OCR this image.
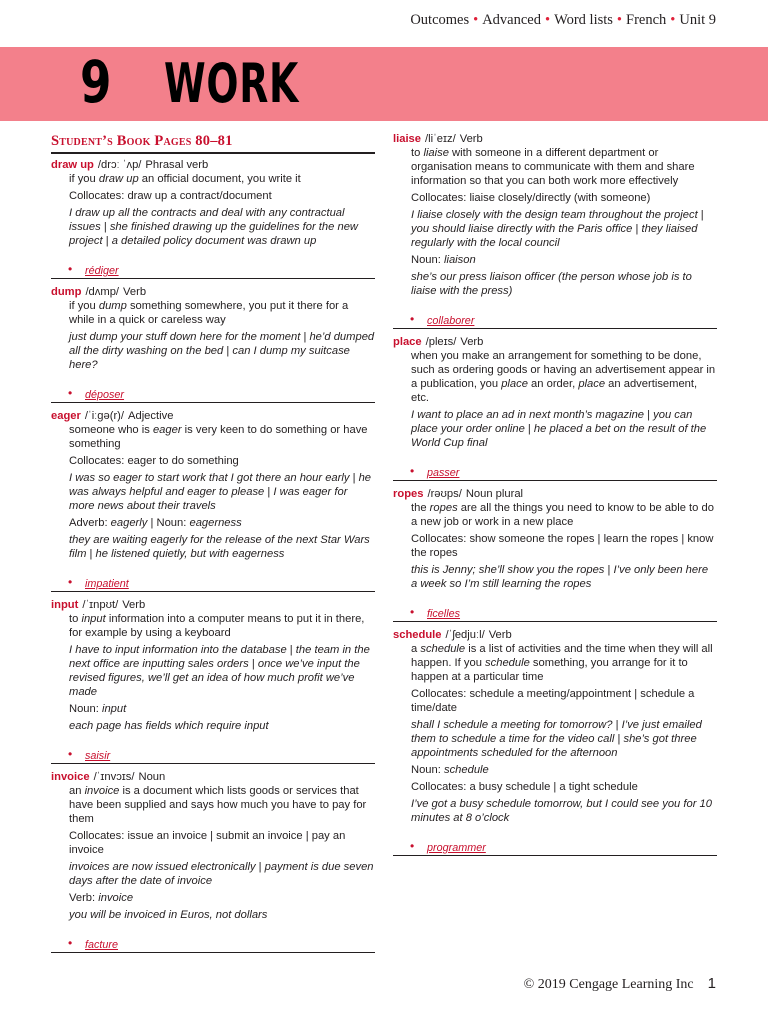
Outcomes • Advanced • Word lists • French • Unit 9
9 WORK
Student’s Book Pages 80–81
draw up /drɔː ˈʌp/ Phrasal verb

if you draw up an official document, you write it

Collocates: draw up a contract/document

I draw up all the contracts and deal with any contractual issues | she finished drawing up the guidelines for the new project | a detailed policy document was drawn up

• rédiger
dump /dʌmp/ Verb

if you dump something somewhere, you put it there for a while in a quick or careless way

just dump your stuff down here for the moment | he’d dumped all the dirty washing on the bed | can I dump my suitcase here?

• déposer
eager /ˈiːɡə(r)/ Adjective

someone who is eager is very keen to do something or have something

Collocates: eager to do something

I was so eager to start work that I got there an hour early | he was always helpful and eager to please | I was eager for more news about their travels

Adverb: eagerly | Noun: eagerness

they are waiting eagerly for the release of the next Star Wars film | he listened quietly, but with eagerness

• impatient
input /ˈɪnpʊt/ Verb

to input information into a computer means to put it in there, for example by using a keyboard

I have to input information into the database | the team in the next office are inputting sales orders | once we’ve input the revised figures, we’ll get an idea of how much profit we’ve made

Noun: input

each page has fields which require input

• saisir
invoice /ˈɪnvɔɪs/ Noun

an invoice is a document which lists goods or services that have been supplied and says how much you have to pay for them

Collocates: issue an invoice | submit an invoice | pay an invoice

invoices are now issued electronically | payment is due seven days after the date of invoice

Verb: invoice

you will be invoiced in Euros, not dollars

• facture
liaise /liˈeɪz/ Verb

to liaise with someone in a different department or organisation means to communicate with them and share information so that you can both work more effectively

Collocates: liaise closely/directly (with someone)

I liaise closely with the design team throughout the project | you should liaise directly with the Paris office | they liaised regularly with the local council

Noun: liaison

she’s our press liaison officer (the person whose job is to liaise with the press)

• collaborer
place /pleɪs/ Verb

when you make an arrangement for something to be done, such as ordering goods or having an advertisement appear in a publication, you place an order, place an advertisement, etc.

I want to place an ad in next month’s magazine | you can place your order online | he placed a bet on the result of the World Cup final

• passer
ropes /rəʊps/ Noun plural

the ropes are all the things you need to know to be able to do a new job or work in a new place

Collocates: show someone the ropes | learn the ropes | know the ropes

this is Jenny; she’ll show you the ropes | I’ve only been here a week so I’m still learning the ropes

• ficelles
schedule /ˈʃedjuːl/ Verb

a schedule is a list of activities and the time when they will all happen. If you schedule something, you arrange for it to happen at a particular time

Collocates: schedule a meeting/appointment | schedule a time/date

shall I schedule a meeting for tomorrow? | I’ve just emailed them to schedule a time for the video call | she’s got three appointments scheduled for the afternoon

Noun: schedule

Collocates: a busy schedule | a tight schedule

I’ve got a busy schedule tomorrow, but I could see you for 10 minutes at 8 o’clock

• programmer
© 2019 Cengage Learning Inc 1
